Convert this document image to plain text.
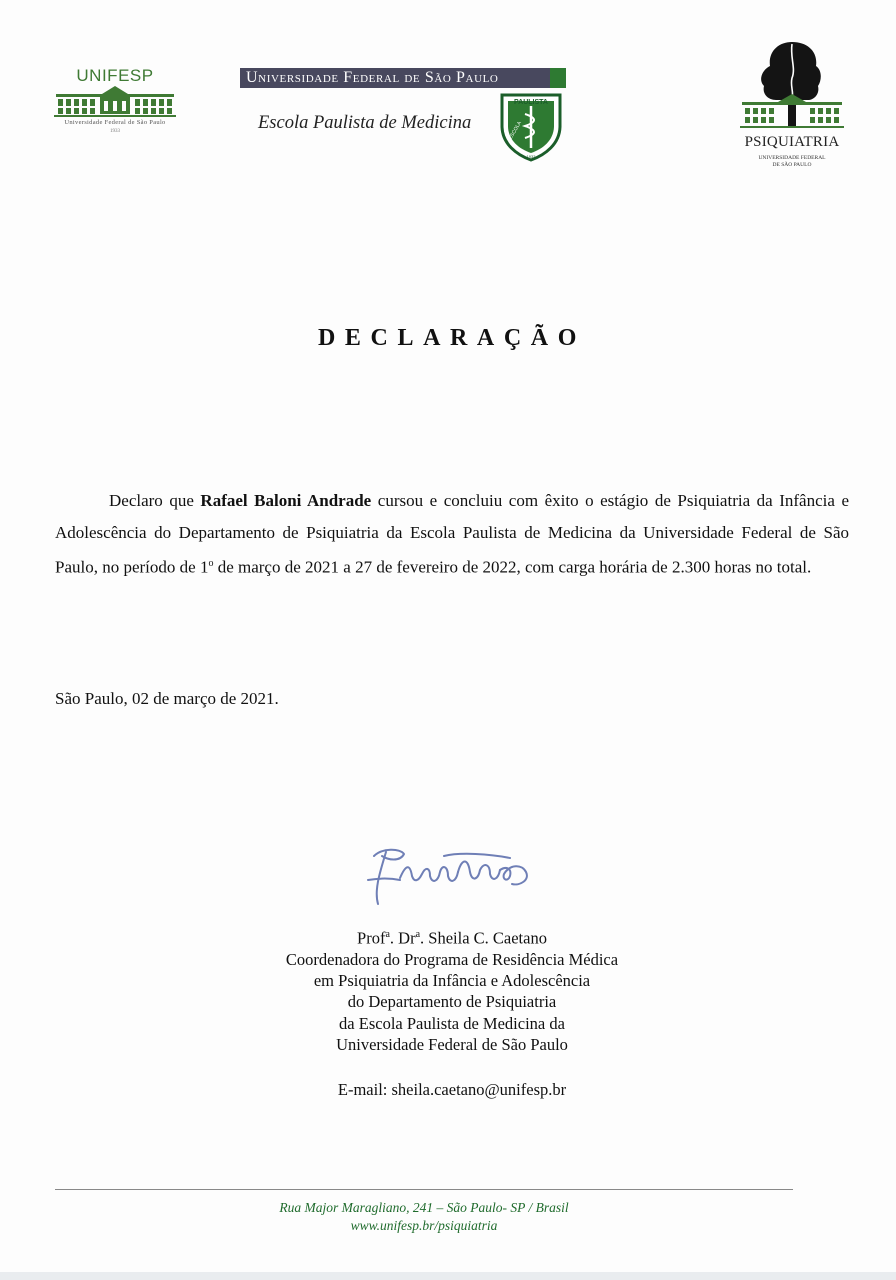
UNIFESP
Universidade Federal de São Paulo
1933
Universidade Federal de São Paulo
Escola Paulista de Medicina
PAULISTA
1933
ESCOLA
PSIQUIATRIA
UNIVERSIDADE FEDERAL
DE SÃO PAULO
DECLARAÇÃO

Declaro que Rafael Baloni Andrade cursou e concluiu com êxito o estágio de Psiquiatria da Infância e Adolescência do Departamento de Psiquiatria da Escola Paulista de Medicina da Universidade Federal de São Paulo, no período de 1$^o$ de março de 2021 a 27 de fevereiro de 2022, com carga horária de 2.300 horas no total.

São Paulo, 02 de março de 2021.
Prof$^a$. Dr$^a$. Sheila C. Caetano
Coordenadora do Programa de Residência Médica
em Psiquiatria da Infância e Adolescência
do Departamento de Psiquiatria
da Escola Paulista de Medicina da
Universidade Federal de São Paulo
E-mail: sheila.caetano@unifesp.br
Rua Major Maragliano, 241 – São Paulo- SP / Brasil
www.unifesp.br/psiquiatria
